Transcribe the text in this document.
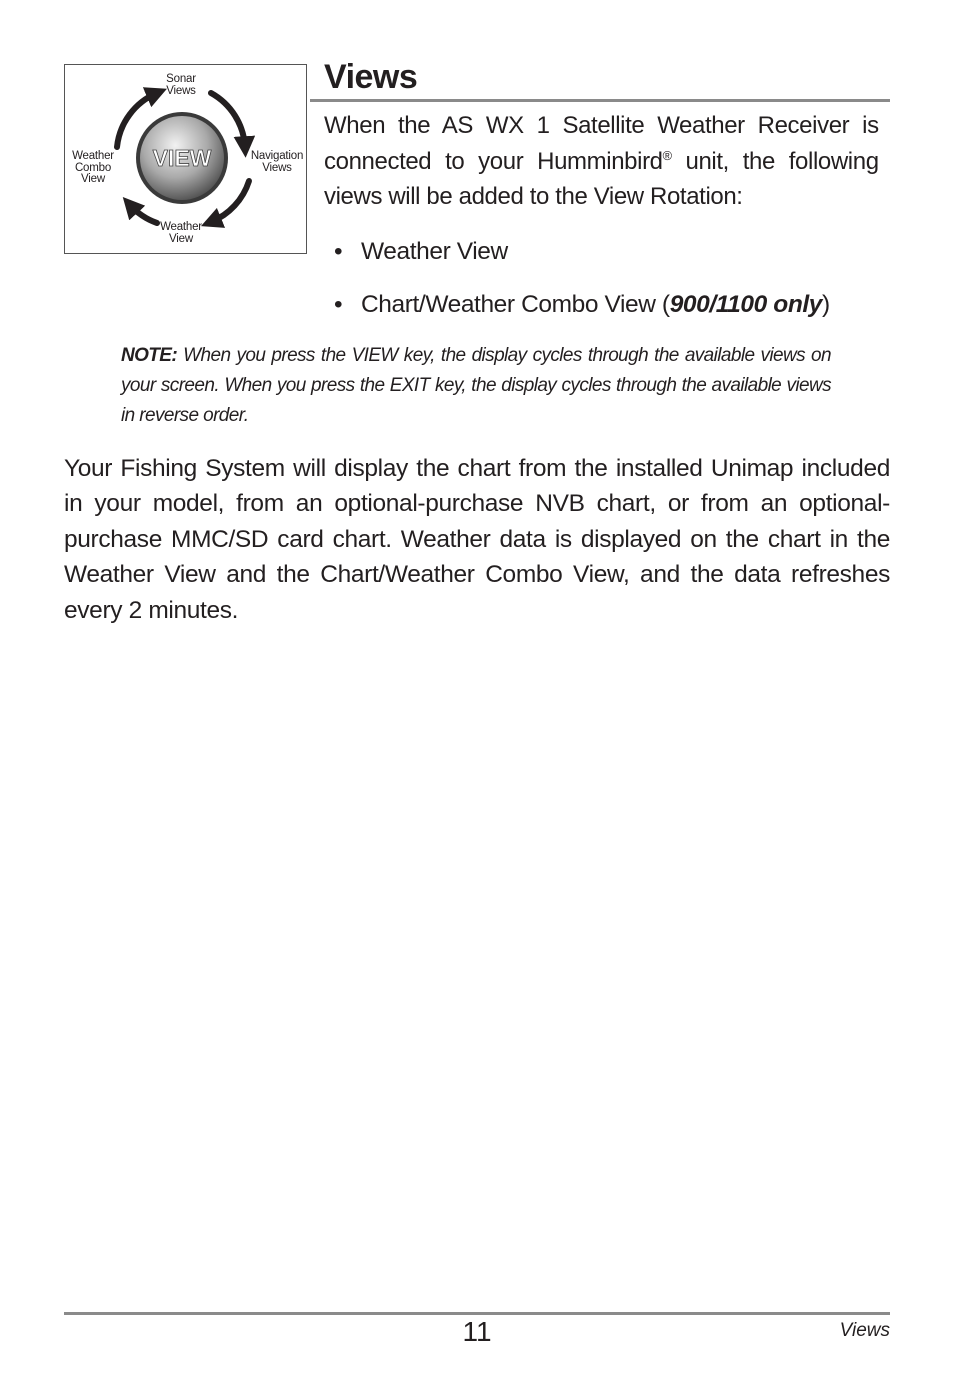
VIEW
Sonar
Views
Navigation
Views
Weather
View
Weather
Combo
View
Views

When the AS WX 1 Satellite Weather Receiver is connected to your Humminbird® unit, the following views will be added to the View Rotation:

• Weather View
• Chart/Weather Combo View (900/1100 only)

NOTE: When you press the VIEW key, the display cycles through the available views on your screen. When you press the EXIT key, the display cycles through the available views in reverse order.

Your Fishing System will display the chart from the installed Unimap included in your model, from an optional-purchase NVB chart, or from an optional-purchase MMC/SD card chart. Weather data is displayed on the chart in the Weather View and the Chart/Weather Combo View, and the data refreshes every 2 minutes.

11	Views
